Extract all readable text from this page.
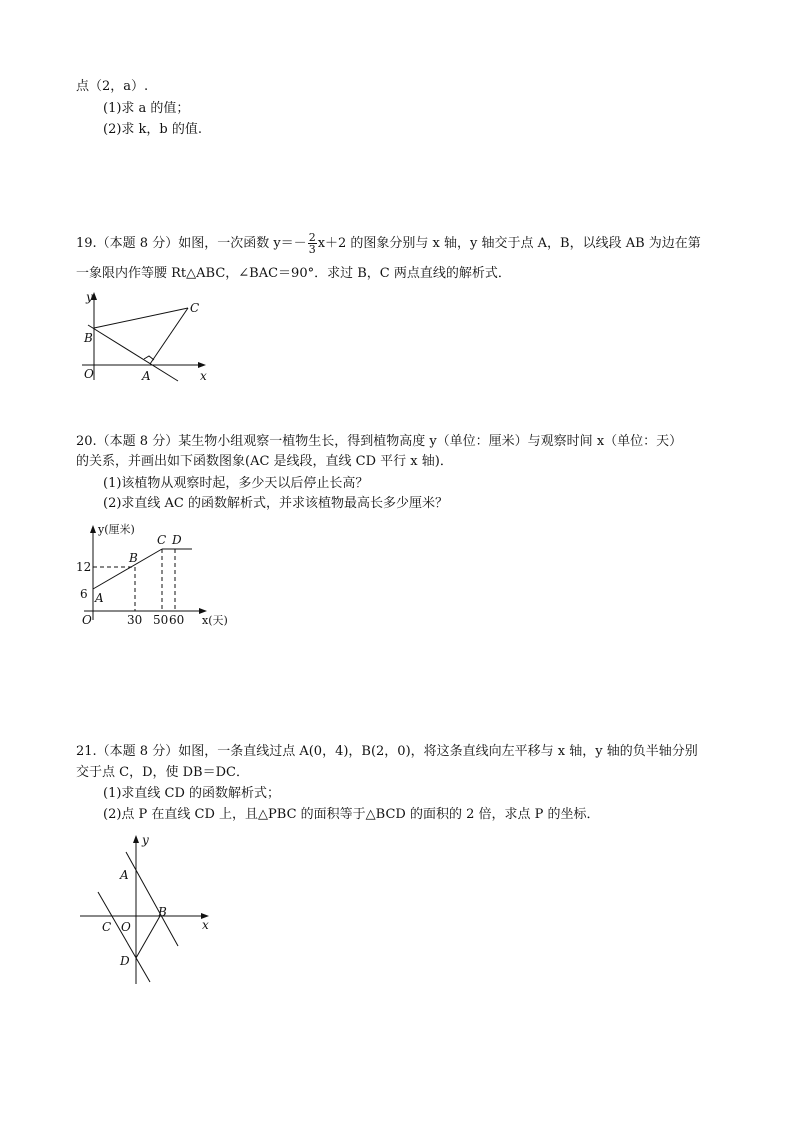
点（2，a）.
(1)求 a 的值；
(2)求 k，b 的值.
19.（本题 8 分）如图，一次函数 $y=- \frac{2}{3} x+2$ 的图象分别与 x 轴，y 轴交于点 A，B，以线段 AB 为边在第
一象限内作等腰 Rt△ABC，∠BAC＝90°．求过 B，C 两点直线的解析式．
y
x
O
B
A
C
20.（本题 8 分）某生物小组观察一植物生长，得到植物高度 y（单位：厘米）与观察时间 x（单位：天）
的关系，并画出如下函数图象(AC 是线段，直线 CD 平行 x 轴)．
(1)该植物从观察时起，多少天以后停止长高？
(2)求直线 AC 的函数解析式，并求该植物最高长多少厘米？
y(厘米)
x(天)
O
12
6
30 50 60
A
B
C D
21.（本题 8 分）如图，一条直线过点 A(0，4)，B(2，0)，将这条直线向左平移与 x 轴，y 轴的负半轴分别
交于点 C，D，使 DB＝DC．
(1)求直线 CD 的函数解析式；
(2)点 P 在直线 CD 上，且△PBC 的面积等于△BCD 的面积的 2 倍，求点 P 的坐标．
y
x
A
B
C O
D
